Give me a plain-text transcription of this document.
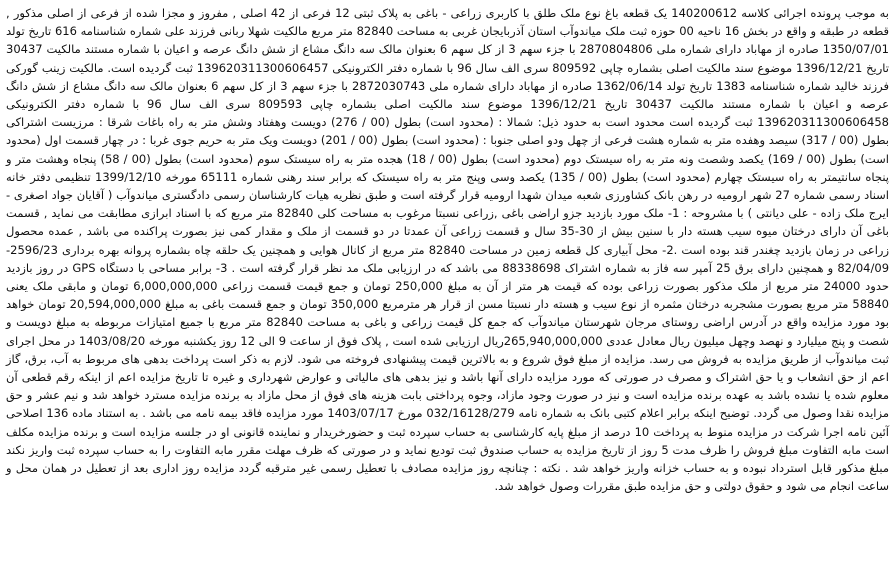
به موجب پرونده اجرائی کلاسه 140200612 یک قطعه باغ نوع ملک طلق با کاربری زراعی - باغی به پلاک ثبتی 12 فرعی از 42 اصلی , مفروز و مجزا شده از فرعی از اصلی مذکور , قطعه در طبقه و واقع در بخش 16 ناحیه 00 حوزه ثبت ملک میاندوآب استان آذربایجان غربی به مساحت 82840 متر مربع مالکیت شهلا ربانی فرزند علی شماره شناسنامه 616 تاریخ تولد 1350/07/01 صادره از مهاباد دارای شماره ملی 2870804806 با جزء سهم 3 از کل سهم 6 بعنوان مالک سه دانگ مشاع از شش دانگ عرصه و اعیان با شماره مستند مالکیت 30437 تاریخ 1396/12/21 موضوع سند مالکیت اصلی بشماره چاپی 809592 سری الف سال 96 با شماره دفتر الکترونیکی 139620311300606457 ثبت گردیده است. مالکیت زینب گورکی فرزند خالید شماره شناسنامه 1383 تاریخ تولد 1362/06/14 صادره از مهاباد دارای شماره ملی 2872030743 با جزء سهم 3 از کل سهم 6 بعنوان مالک سه دانگ مشاع از شش دانگ عرصه و اعیان با شماره مستند مالکیت 30437 تاریخ 1396/12/21 موضوع سند مالکیت اصلی بشماره چاپی 809593 سری الف سال 96 با شماره دفتر الکترونیکی 139620311300606458 ثبت گردیده است محدود است به حدود ذیل: شمالا : (محدود است) بطول (00 / 276) دویست وهفتاد وشش متر به راه باغات شرقا : مرزیست اشتراکی بطول (00 / 317) سیصد وهفده متر به شماره هشت فرعی از چهل ودو اصلی جنوبا : (محدود است) بطول (00 / 201) دویست ویک متر به حریم جوی غربا : در چهار قسمت اول (محدود است) بطول (00 / 169) یکصد وشصت ونه متر به راه سیستک دوم (محدود است) بطول (00 / 18) هجده متر به راه سیستک سوم (محدود است) بطول (00 / 58) پنجاه وهشت متر و پنجاه سانتیمتر به راه سیستک چهارم (محدود است) بطول (00 / 135) یکصد وسی وپنج متر به راه سیستک که برابر سند رهنی شماره 65111 مورخه 1399/12/10 تنظیمی دفتر خانه اسناد رسمی شماره 27 شهر ارومیه در رهن بانک کشاورزی شعبه میدان شهدا ارومیه قرار گرفته است و طبق نظریه هیات کارشناسان رسمی دادگستری میاندوآب ( آقایان جواد اصغری - ایرج ملک زاده - علی دیانتی ) با مشروحه : 1- ملک مورد بازدید جزو اراضی باغی ,زراعی نسبتا مرغوب به مساحت کلی 82840 متر مربع که با اسناد ابرازی مطابقت می نماید , قسمت باغی آن دارای درختان میوه سیب هسته دار با سنین بیش از 30-35 سال و قسمت زراعی آن عمدتا در دو قسمت از ملک و مقدار کمی نیز بصورت پراکنده می باشد , عمده محصول زراعی در زمان بازدید چغندر قند بوده است .2- محل آبیاری کل قطعه زمین در مساحت 82840 متر مربع از کانال هوایی و همچنین یک حلقه چاه بشماره پروانه بهره برداری 2596/23-82/04/09 و همچنین دارای برق 25 آمپر سه فاز به شماره اشتراک 88338698 می باشد که در ارزیابی ملک مد نظر قرار گرفته است . 3- برابر مساحی با دستگاه GPS در روز بازدید حدود 24000 متر مربع از ملک مذکور بصورت زراعی بوده که قیمت هر متر از آن به مبلغ 250,000 تومان و جمع قیمت قسمت زراعی 6,000,000,000 تومان و مابقی ملک یعنی 58840 متر مربع بصورت مشجربه درختان مثمره از نوع سیب و هسته دار نسبتا مسن از قرار هر مترمربع 350,000 تومان و جمع قسمت باغی به مبلغ 20,594,000,000 تومان خواهد بود مورد مزایده واقع در آدرس اراضی روستای مرجان شهرستان میاندوآب که جمع کل قیمت زراعی و باغی به مساحت 82840 متر مربع با جمیع امتیازات مربوطه به مبلغ دویست و شصت و پنج میلیارد و نهصد وچهل میلیون ریال معادل عددی 265,940,000,000ریال ارزیابی شده است , پلاک فوق از ساعت 9 الی 12 روز یکشنبه مورخه 1403/08/20 در محل اجرای ثبت میاندوآب از طریق مزایده به فروش می رسد. مزایده از مبلغ فوق شروع و به بالاترین قیمت پیشنهادی فروخته می شود. لازم به ذکر است پرداخت بدهی های مربوط به آب، برق، گاز اعم از حق انشعاب و یا حق اشتراک و مصرف در صورتی که مورد مزایده دارای آنها باشد و نیز بدهی های مالیاتی و عوارض شهرداری و غیره تا تاریخ مزایده اعم از اینکه رقم قطعی آن معلوم شده یا نشده باشد به عهده برنده مزایده است و نیز در صورت وجود مازاد، وجوه پرداختی بابت هزینه های فوق از محل مازاد به برنده مزایده مسترد خواهد شد و نیم عشر و حق مزایده نقدا وصول می گردد. توضیح اینکه برابر اعلام کتبی بانک به شماره نامه 032/16128/279 مورخ 1403/07/17 مورد مزایده فاقد بیمه نامه می باشد . به استناد ماده 136 اصلاحی آئین نامه اجرا شرکت در مزایده منوط به پرداخت 10 درصد از مبلغ پایه کارشناسی به حساب سپرده ثبت و حضورخریدار و نماینده قانونی او در جلسه مزایده است و برنده مزایده مکلف است مابه التفاوت مبلغ فروش را ظرف مدت 5 روز از تاریخ مزایده به حساب صندوق ثبت تودیع نماید و در صورتی که ظرف مهلت مقرر مابه التفاوت را به حساب سپرده ثبت واریز نکند مبلغ مذکور قابل استرداد نبوده و به حساب خزانه واریز خواهد شد . نکته : چنانچه روز مزایده مصادف با تعطیل رسمی غیر مترقبه گردد مزایده روز اداری بعد از تعطیل در همان محل و ساعت انجام می شود و حقوق دولتی و حق مزایده طبق مقررات وصول خواهد شد.
